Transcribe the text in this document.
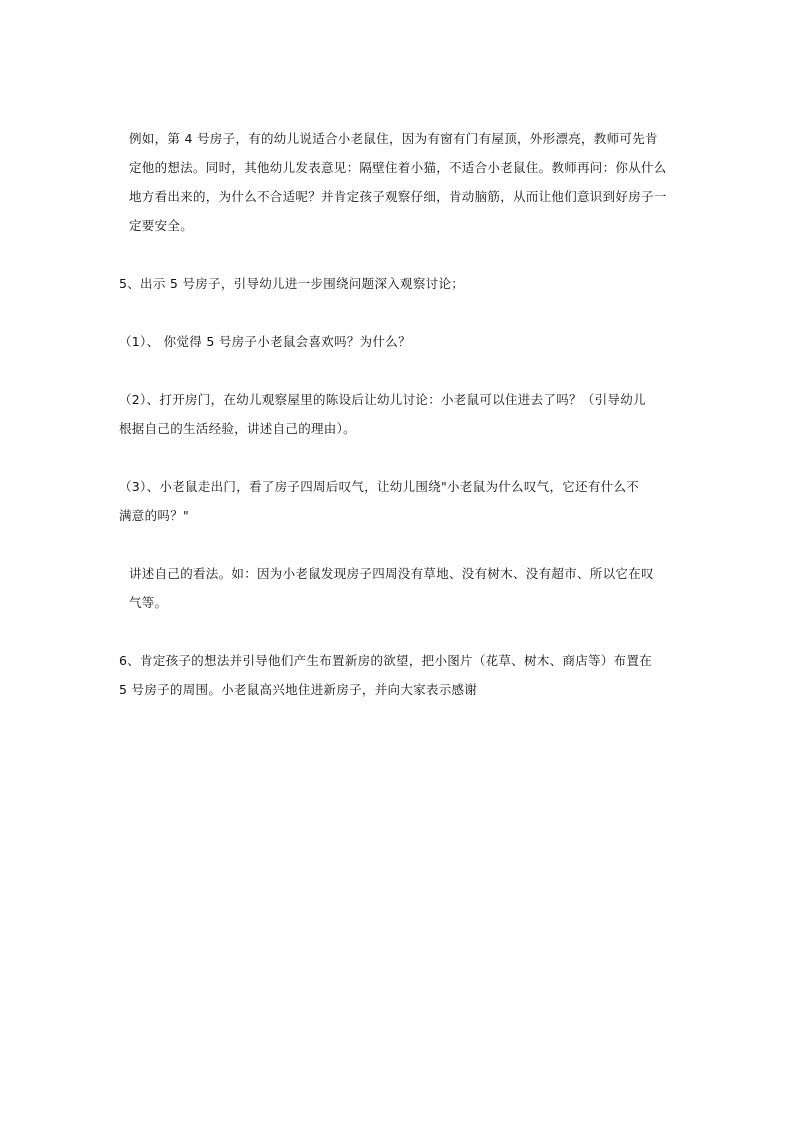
例如，第 4 号房子，有的幼儿说适合小老鼠住，因为有窗有门有屋顶，外形漂亮，教师可先肯
定他的想法。同时，其他幼儿发表意见：隔壁住着小猫，不适合小老鼠住。教师再问：你从什么
地方看出来的，为什么不合适呢？并肯定孩子观察仔细，肯动脑筋，从而让他们意识到好房子一
定要安全。
5、出示 5 号房子，引导幼儿进一步围绕问题深入观察讨论；
（1）、 你觉得 5 号房子小老鼠会喜欢吗？为什么？
（2）、打开房门，在幼儿观察屋里的陈设后让幼儿讨论：小老鼠可以住进去了吗？（引导幼儿
根据自己的生活经验，讲述自己的理由）。
（3）、小老鼠走出门，看了房子四周后叹气，让幼儿围绕"小老鼠为什么叹气，它还有什么不
满意的吗？"
讲述自己的看法。如：因为小老鼠发现房子四周没有草地、没有树木、没有超市、所以它在叹
气等。
6、肯定孩子的想法并引导他们产生布置新房的欲望，把小图片（花草、树木、商店等）布置在
5 号房子的周围。小老鼠高兴地住进新房子，并向大家表示感谢
